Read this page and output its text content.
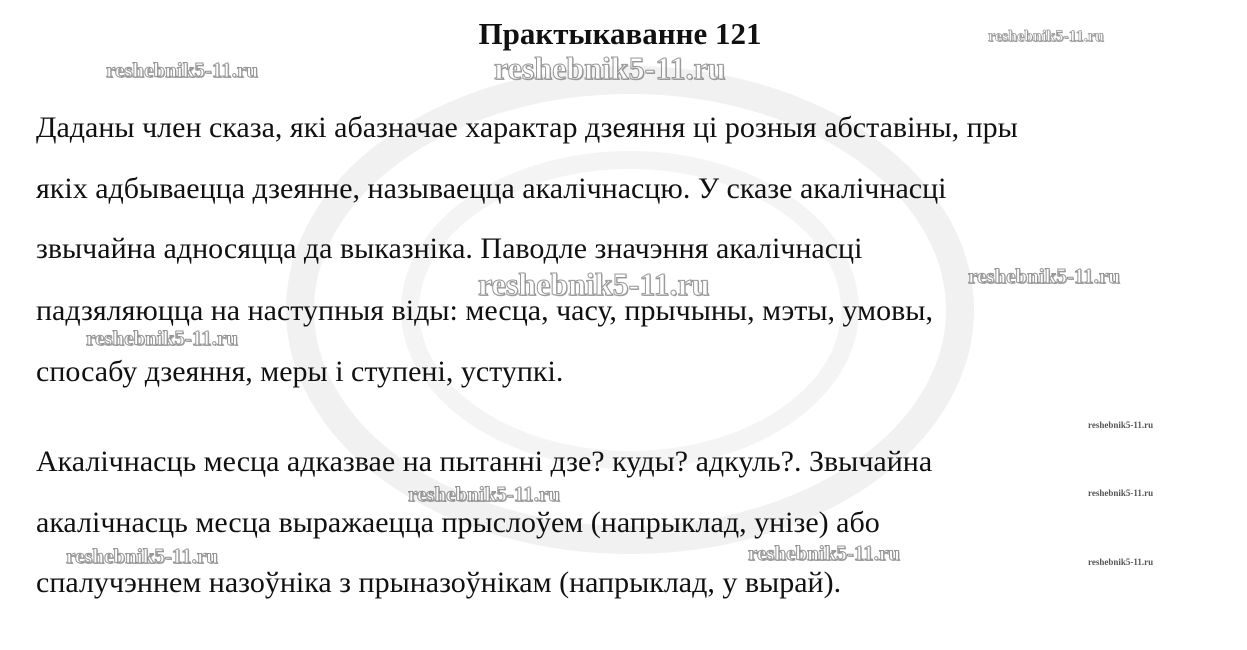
Практыкаванне 121
Даданы член сказа, які абазначае характар дзеяння ці розныя абставіны, пры
якіх адбываецца дзеянне, называецца акалічнасцю. У сказе акалічнасці
звычайна адносяцца да выказніка. Паводле значэння акалічнасці
падзяляюцца на наступныя віды: месца, часу, прычыны, мэты, умовы,
спосабу дзеяння, меры і ступені, уступкі.
Акалічнасць месца адказвае на пытанні дзе? куды? адкуль?. Звычайна
акалічнасць месца выражаецца прыслоўем (напрыклад, унізе) або
спалучэннем назоўніка з прыназоўнікам (напрыклад, у вырай).
reshebnik5-11.ru	reshebnik5-11.ru
reshebnik5-11.ru
reshebnik5-11.ru	reshebnik5-11.ru
reshebnik5-11.ru
reshebnik5-11.ru
reshebnik5-11.ru	reshebnik5-11.ru
reshebnik5-11.ru	reshebnik5-11.ru	reshebnik5-11.ru
